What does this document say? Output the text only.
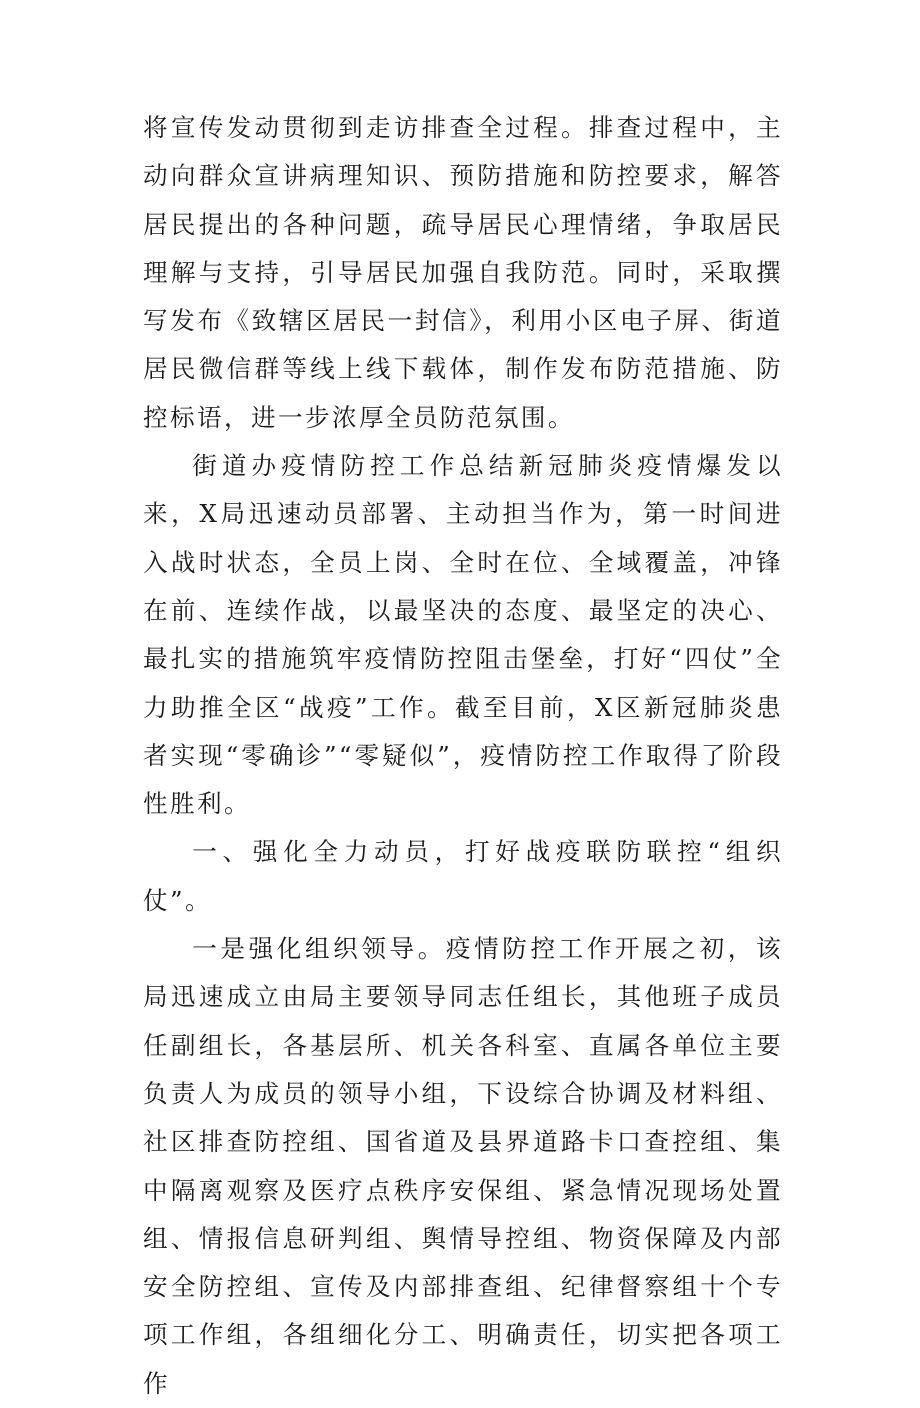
将宣传发动贯彻到走访排查全过程。排查过程中，主动向群众宣讲病理知识、预防措施和防控要求，解答居民提出的各种问题，疏导居民心理情绪，争取居民理解与支持，引导居民加强自我防范。同时，采取撰写发布《致辖区居民一封信》，利用小区电子屏、街道居民微信群等线上线下载体，制作发布防范措施、防控标语，进一步浓厚全员防范氛围。

街道办疫情防控工作总结新冠肺炎疫情爆发以来，X局迅速动员部署、主动担当作为，第一时间进入战时状态，全员上岗、全时在位、全域覆盖，冲锋在前、连续作战，以最坚决的态度、最坚定的决心、最扎实的措施筑牢疫情防控阻击堡垒，打好“四仗”全力助推全区“战疫”工作。截至目前，X区新冠肺炎患者实现“零确诊”“零疑似”，疫情防控工作取得了阶段性胜利。

一、强化全力动员，打好战疫联防联控“组织仗”。

一是强化组织领导。疫情防控工作开展之初，该局迅速成立由局主要领导同志任组长，其他班子成员任副组长，各基层所、机关各科室、直属各单位主要负责人为成员的领导小组，下设综合协调及材料组、社区排查防控组、国省道及县界道路卡口查控组、集中隔离观察及医疗点秩序安保组、紧急情况现场处置组、情报信息研判组、舆情导控组、物资保障及内部安全防控组、宣传及内部排查组、纪律督察组十个专项工作组，各组细化分工、明确责任，切实把各项工作
